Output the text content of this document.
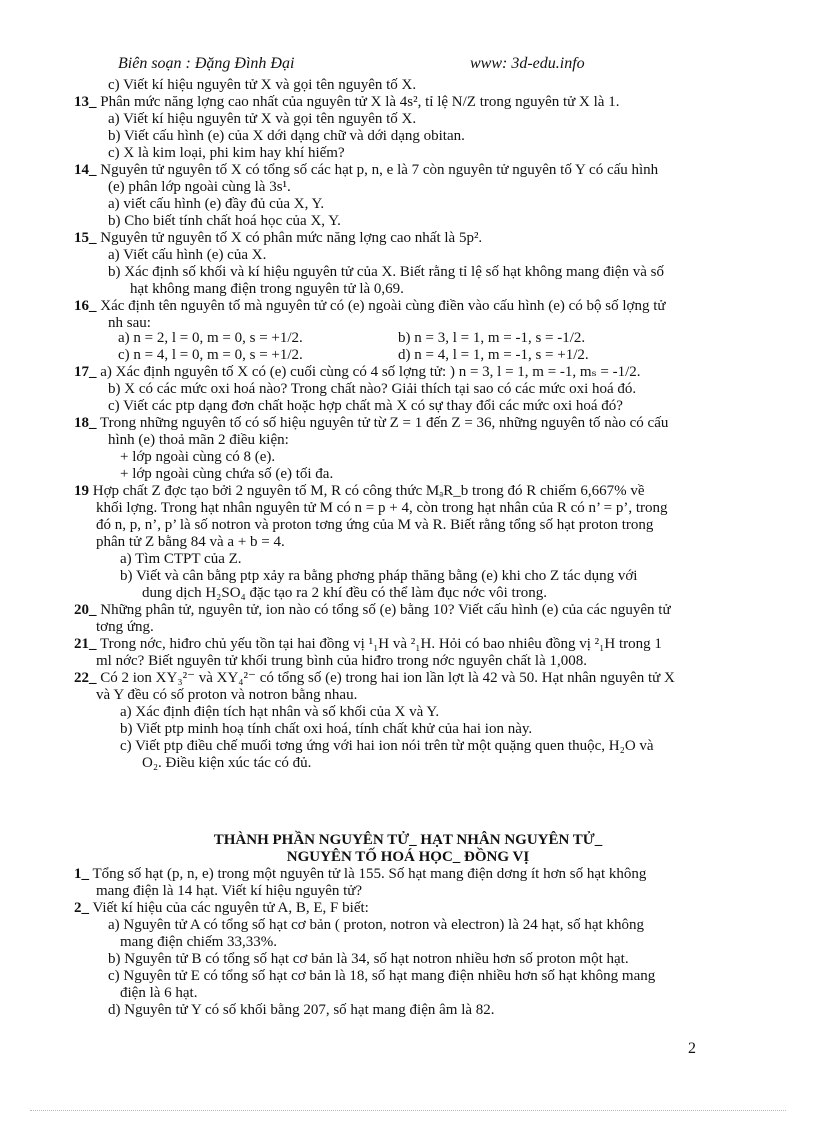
Biên soạn : Đặng Đình Đại	www: 3d-edu.info
c) Viết kí hiệu nguyên tử X và gọi tên nguyên tố X.
13_ Phân mức năng lợng cao nhất của nguyên tử X là 4s², tỉ lệ N/Z trong nguyên tử X là 1.
a) Viết kí hiệu nguyên tử X và gọi tên nguyên tố X.
b) Viết cấu hình (e) của X dới dạng chữ và dới dạng obitan.
c) X là kim loại, phi kim hay khí hiếm?
14_ Nguyên tử nguyên tố X có tổng số các hạt p, n, e là 7 còn nguyên tử nguyên tố Y có cấu hình
(e) phân lớp ngoài cùng là 3s¹.
a) viết cấu hình (e) đầy đủ của X, Y.
b) Cho biết tính chất hoá học của X, Y.
15_ Nguyên tử nguyên tố X có phân mức năng lợng cao nhất là 5p².
a) Viết cấu hình (e) của X.
b) Xác định số khối và kí hiệu nguyên tử của X. Biết rằng tỉ lệ số hạt không mang điện và số
hạt không mang điện trong nguyên tử là 0,69.
16_ Xác định tên nguyên tố mà nguyên tử có (e) ngoài cùng điền vào cấu hình (e) có bộ số lợng tử
nh sau:
a) n = 2, l = 0, m = 0, s = +1/2.	b) n = 3, l = 1, m = -1, s = -1/2.
c) n = 4, l = 0, m = 0, s = +1/2.	d) n = 4, l = 1, m = -1, s = +1/2.
17_ a) Xác định nguyên tố X có (e) cuối cùng có 4 số lợng tử: ) n = 3, l = 1, m = -1, mₛ = -1/2.
b) X có các mức oxi hoá nào? Trong chất nào? Giải thích tại sao có các mức oxi hoá đó.
c) Viết các ptp dạng đơn chất hoặc hợp chất mà X có sự thay đổi các mức oxi hoá đó?
18_ Trong những nguyên tố có số hiệu nguyên tử từ Z = 1 đến Z = 36, những nguyên tố nào có cấu
hình (e) thoả mãn 2 điều kiện:
+ lớp ngoài cùng có 8 (e).
+ lớp ngoài cùng chứa số (e) tối đa.
19 Hợp chất Z đợc tạo bởi 2 nguyên tố M, R có công thức MₐR_b trong đó R chiếm 6,667% về
khối lợng. Trong hạt nhân nguyên tử M có n = p + 4, còn trong hạt nhân của R có n’ = p’, trong
đó n, p, n’, p’ là số notron và proton tơng ứng của M và R. Biết rằng tổng số hạt proton trong
phân tử Z bằng 84 và a + b = 4.
a) Tìm CTPT của Z.
b) Viết và cân bằng ptp xảy ra bằng phơng pháp thăng bằng (e) khi cho Z tác dụng với
dung dịch H₂SO₄ đặc tạo ra 2 khí đều có thể làm đục nớc vôi trong.
20_ Những phân tử, nguyên tử, ion nào có tổng số (e) bằng 10? Viết cấu hình (e) của các nguyên tử
tơng ứng.
21_ Trong nớc, hiđro chủ yếu tồn tại hai đồng vị ¹₁H và ²₁H. Hỏi có bao nhiêu đồng vị ²₁H trong 1
ml nớc? Biết nguyên tử khối trung bình của hiđro trong nớc nguyên chất là 1,008.
22_ Có 2 ion XY₃²⁻ và XY₄²⁻ có tổng số (e) trong hai ion lần lợt là 42 và 50. Hạt nhân nguyên tử X
và Y đều có số proton và notron bằng nhau.
a) Xác định điện tích hạt nhân và số khối của X và Y.
b) Viết ptp minh hoạ tính chất oxi hoá, tính chất khử của hai ion này.
c) Viết ptp điều chế muối tơng ứng với hai ion nói trên từ một quặng quen thuộc, H₂O và
O₂. Điều kiện xúc tác có đủ.
THÀNH PHẦN NGUYÊN TỬ_ HẠT NHÂN NGUYÊN TỬ_
NGUYÊN TỐ HOÁ HỌC_ ĐỒNG VỊ
1_ Tổng số hạt (p, n, e) trong một nguyên tử là 155. Số hạt mang điện dơng ít hơn số hạt không
mang điện là 14 hạt. Viết kí hiệu nguyên tử?
2_ Viết kí hiệu của các nguyên tử A, B, E, F biết:
a) Nguyên tử A có tổng số hạt cơ bản ( proton, notron và electron) là 24 hạt, số hạt không
mang điện chiếm 33,33%.
b) Nguyên tử B có tổng số hạt cơ bản là 34, số hạt notron nhiều hơn số proton một hạt.
c) Nguyên tử E có tổng số hạt cơ bản là 18, số hạt mang điện nhiều hơn số hạt không mang
điện là 6 hạt.
d) Nguyên tử Y có số khối bằng 207, số hạt mang điện âm là 82.
2
